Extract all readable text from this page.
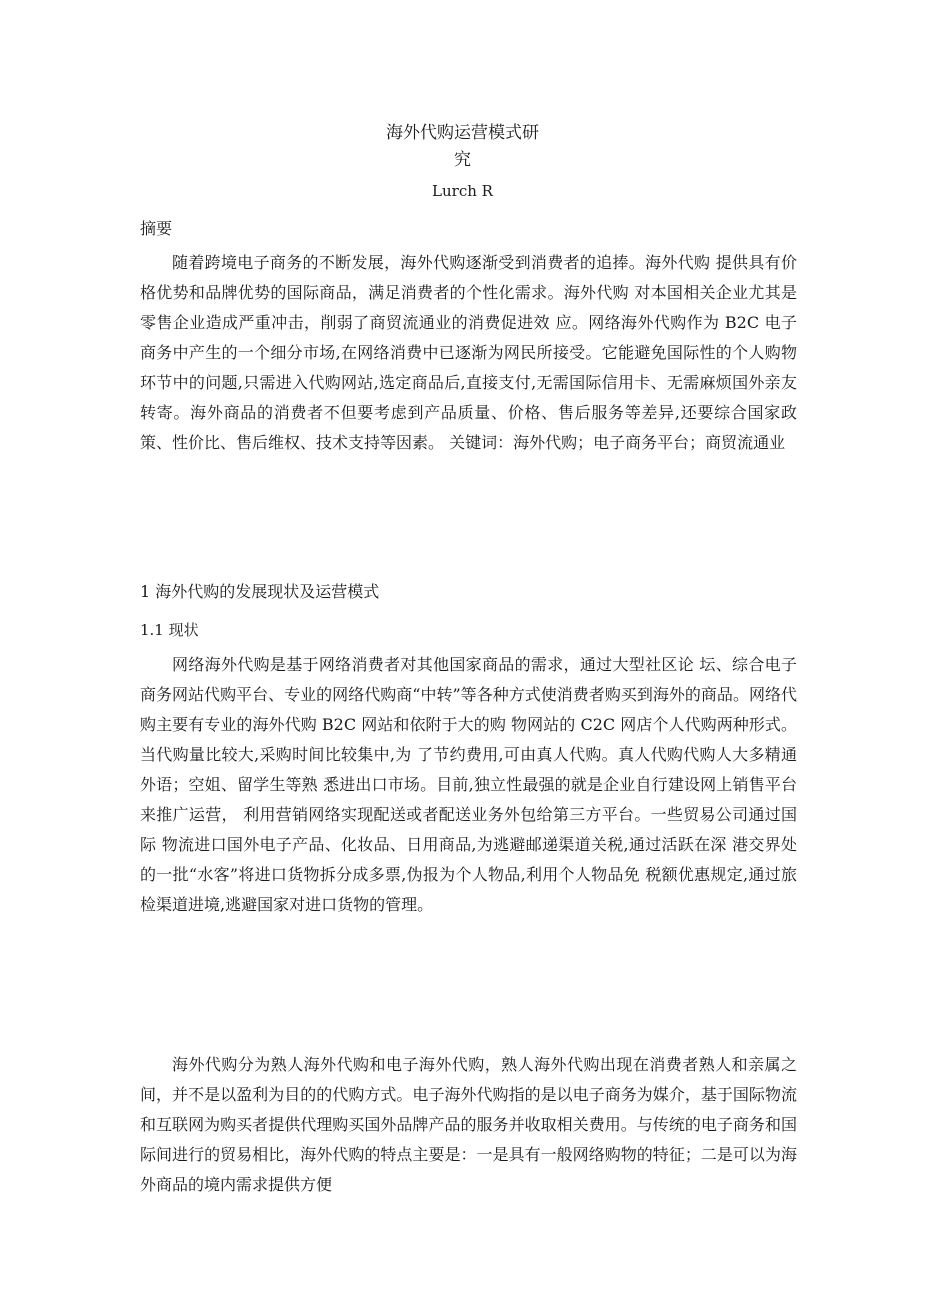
海外代购运营模式研
究
Lurch R
摘要

随着跨境电子商务的不断发展，海外代购逐渐受到消费者的追捧。海外代购 提供具有价格优势和品牌优势的国际商品，满足消费者的个性化需求。海外代购 对本国相关企业尤其是零售企业造成严重冲击，削弱了商贸流通业的消费促进效 应。网络海外代购作为 B2C 电子商务中产生的一个细分市场,在网络消费中已逐渐为网民所接受。它能避免国际性的个人购物环节中的问题,只需进入代购网站,选定商品后,直接支付,无需国际信用卡、无需麻烦国外亲友转寄。海外商品的消费者不但要考虑到产品质量、价格、售后服务等差异,还要综合国家政策、性价比、售后维权、技术支持等因素。 关键词：海外代购；电子商务平台；商贸流通业

1 海外代购的发展现状及运营模式
1.1 现状

网络海外代购是基于网络消费者对其他国家商品的需求，通过大型社区论 坛、综合电子商务网站代购平台、专业的网络代购商“中转”等各种方式使消费者购买到海外的商品。网络代购主要有专业的海外代购 B2C 网站和依附于大的购 物网站的 C2C 网店个人代购两种形式。当代购量比较大,采购时间比较集中,为 了节约费用,可由真人代购。真人代购代购人大多精通外语；空姐、留学生等熟 悉进出口市场。目前,独立性最强的就是企业自行建设网上销售平台来推广运营， 利用营销网络实现配送或者配送业务外包给第三方平台。一些贸易公司通过国际 物流进口国外电子产品、化妆品、日用商品,为逃避邮递渠道关税,通过活跃在深 港交界处的一批“水客”将进口货物拆分成多票,伪报为个人物品,利用个人物品免 税额优惠规定,通过旅检渠道进境,逃避国家对进口货物的管理。

海外代购分为熟人海外代购和电子海外代购，熟人海外代购出现在消费者熟人和亲属之间，并不是以盈利为目的的代购方式。电子海外代购指的是以电子商务为媒介，基于国际物流和互联网为购买者提供代理购买国外品牌产品的服务并收取相关费用。与传统的电子商务和国际间进行的贸易相比，海外代购的特点主要是：一是具有一般网络购物的特征；二是可以为海外商品的境内需求提供方便
